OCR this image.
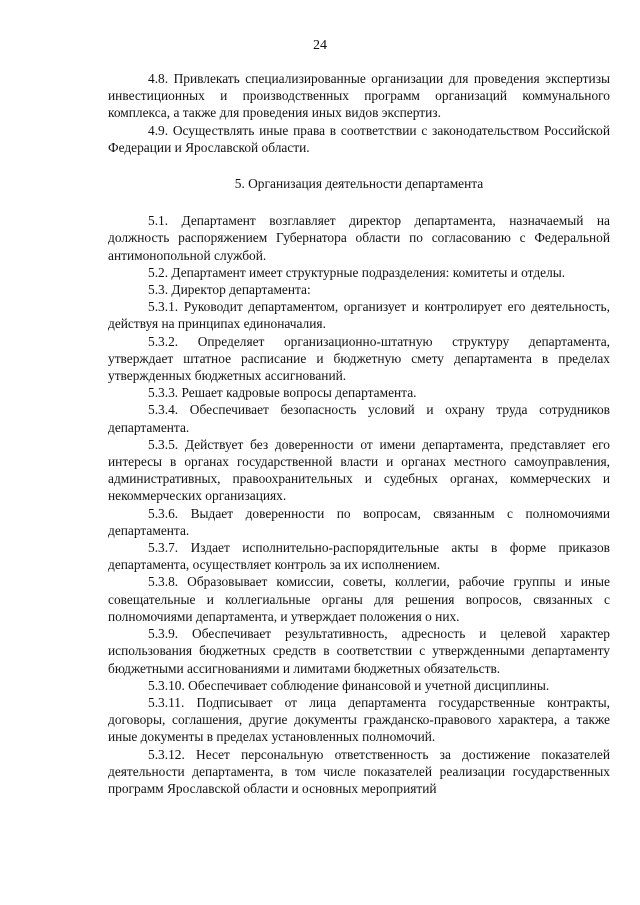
24

4.8. Привлекать специализированные организации для проведения экспертизы инвестиционных и производственных программ организаций коммунального комплекса, а также для проведения иных видов экспертиз.

4.9. Осуществлять иные права в соответствии с законодательством Российской Федерации и Ярославской области.

5. Организация деятельности департамента

5.1. Департамент возглавляет директор департамента, назначаемый на должность распоряжением Губернатора области по согласованию с Федеральной антимонопольной службой.

5.2. Департамент имеет структурные подразделения: комитеты и отделы.

5.3. Директор департамента:

5.3.1. Руководит департаментом, организует и контролирует его деятельность, действуя на принципах единоначалия.

5.3.2. Определяет организационно-штатную структуру департамента, утверждает штатное расписание и бюджетную смету департамента в пределах утвержденных бюджетных ассигнований.

5.3.3. Решает кадровые вопросы департамента.

5.3.4. Обеспечивает безопасность условий и охрану труда сотрудников департамента.

5.3.5. Действует без доверенности от имени департамента, представляет его интересы в органах государственной власти и органах местного самоуправления, административных, правоохранительных и судебных органах, коммерческих и некоммерческих организациях.

5.3.6. Выдает доверенности по вопросам, связанным с полномочиями департамента.

5.3.7. Издает исполнительно-распорядительные акты в форме приказов департамента, осуществляет контроль за их исполнением.

5.3.8. Образовывает комиссии, советы, коллегии, рабочие группы и иные совещательные и коллегиальные органы для решения вопросов, связанных с полномочиями департамента, и утверждает положения о них.

5.3.9. Обеспечивает результативность, адресность и целевой характер использования бюджетных средств в соответствии с утвержденными департаменту бюджетными ассигнованиями и лимитами бюджетных обязательств.

5.3.10. Обеспечивает соблюдение финансовой и учетной дисциплины.

5.3.11. Подписывает от лица департамента государственные контракты, договоры, соглашения, другие документы гражданско-правового характера, а также иные документы в пределах установленных полномочий.

5.3.12. Несет персональную ответственность за достижение показателей деятельности департамента, в том числе показателей реализации государственных программ Ярославской области и основных мероприятий
